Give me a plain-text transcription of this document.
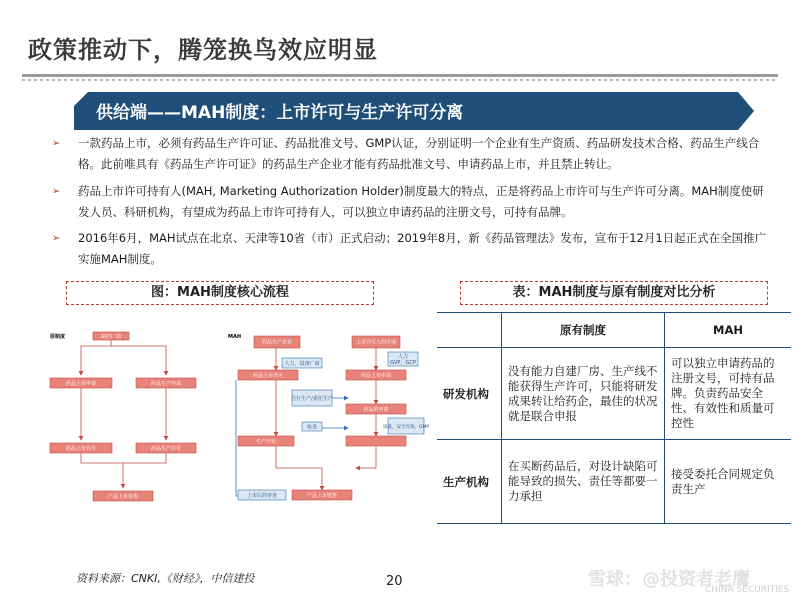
政策推动下，腾笼换鸟效应明显
供给端——MAH制度：上市许可与生产许可分离
➢ 一款药品上市，必须有药品生产许可证、药品批准文号、GMP认证，分别证明一个企业有生产资质、药品研发技术合格、药品生产线合格。此前唯具有《药品生产许可证》的药品生产企业才能有药品批准文号、申请药品上市，并且禁止转让。
➢ 药品上市许可持有人(MAH, Marketing Authorization Holder)制度最大的特点，正是将药品上市许可与生产许可分离。MAH制度使研发人员、科研机构，有望成为药品上市许可持有人，可以独立申请药品的注册文号，可持有品牌。
➢ 2016年6月，MAH试点在北京、天津等10省（市）正式启动；2019年8月，新《药品管理法》发布，宣布于12月1日起正式在全国推广实施MAH制度。
图：MAH制度核心流程	表：MAH制度与原有制度对比分析
原制度	MAH
制药厂商
药品上市申请	药品生产申请
药品上市许可	药品生产许可
产品上市销售
药品生产企业	上市许可人的申请
药品上市许可	药品上市申请
人力，设备厂商
人力
GVP，GCP
自行生产/委托生产
药品的申请
质量，安全有效，GMP
检查
生产开始
上市后的审查	产品上市销售
	原有制度	MAH
研发机构	没有能力自建厂房、生产线不能获得生产许可，只能将研发成果转让给药企，最佳的状况就是联合申报	可以独立申请药品的注册文号，可持有品牌。负责药品安全性、有效性和质量可控性
生产机构	在买断药品后，对设计缺陷可能导致的损失、责任等都要一力承担	接受委托合同规定负责生产
资料来源：CNKI,《财经》，中信建投	20	雪球：@投资者老鹰
CHINA SECURITIES
